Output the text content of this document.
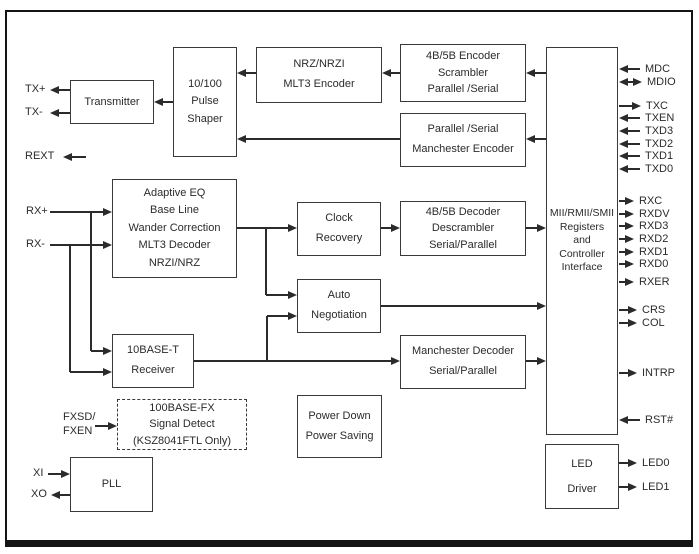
Transmitter
10/100
Pulse
Shaper
NRZ/NRZI
MLT3 Encoder
4B/5B Encoder
Scrambler
Parallel /Serial
Parallel /Serial
Manchester Encoder
MII/RMII/SMII
Registers
and
Controller
Interface
Adaptive EQ
Base Line
Wander Correction
MLT3 Decoder
NRZI/NRZ
Clock
Recovery
4B/5B Decoder
Descrambler
Serial/Parallel
Auto
Negotiation
10BASE-T
Receiver
Manchester Decoder
Serial/Parallel
100BASE-FX
Signal Detect
(KSZ8041FTL Only)
Power Down
Power Saving
PLL
LED
Driver
TX+
TX-
REXT
RX+
RX-
FXSD/
FXEN
XI
XO
MDC
MDIO
TXC
TXEN
TXD3
TXD2
TXD1
TXD0
RXC
RXDV
RXD3
RXD2
RXD1
RXD0
RXER
CRS
COL
INTRP
RST#
LED0
LED1
